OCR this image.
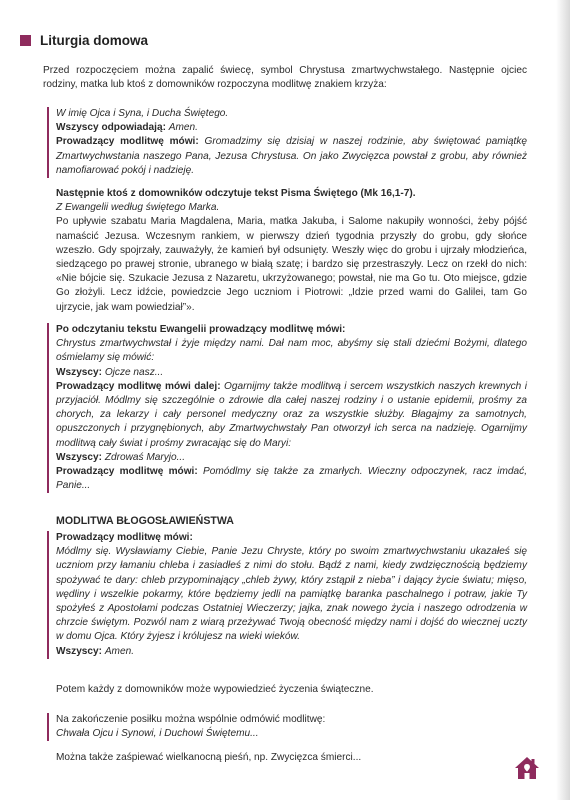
Liturgia domowa

Przed rozpoczęciem można zapalić świecę, symbol Chrystusa zmartwychwstałego. Następnie ojciec rodziny, matka lub ktoś z domowników rozpoczyna modlitwę znakiem krzyża:

W imię Ojca i Syna, i Ducha Świętego.

Wszyscy odpowiadają: Amen.

Prowadzący modlitwę mówi: Gromadzimy się dzisiaj w naszej rodzinie, aby świętować pamiątkę Zmartwychwstania naszego Pana, Jezusa Chrystusa. On jako Zwycięzca powstał z grobu, aby również namofiarować pokój i nadzieję.

Następnie ktoś z domowników odczytuje tekst Pisma Świętego (Mk 16,1-7).

Z Ewangelii według świętego Marka.

Po upływie szabatu Maria Magdalena, Maria, matka Jakuba, i Salome nakupiły wonności, żeby pójść namaścić Jezusa. Wczesnym rankiem, w pierwszy dzień tygodnia przyszły do grobu, gdy słońce wzeszło. Gdy spojrzały, zauważyły, że kamień był odsunięty. Weszły więc do grobu i ujrzały młodzieńca, siedzącego po prawej stronie, ubranego w białą szatę; i bardzo się przestraszyły. Lecz on rzekł do nich: «Nie bójcie się. Szukacie Jezusa z Nazaretu, ukrzyżowanego; powstał, nie ma Go tu. Oto miejsce, gdzie Go złożyli. Lecz idźcie, powiedzcie Jego uczniom i Piotrowi: „Idzie przed wami do Galilei, tam Go ujrzycie, jak wam powiedział”».

Po odczytaniu tekstu Ewangelii prowadzący modlitwę mówi:

Chrystus zmartwychwstał i żyje między nami. Dał nam moc, abyśmy się stali dziećmi Bożymi, dlatego ośmielamy się mówić:

Wszyscy: Ojcze nasz...

Prowadzący modlitwę mówi dalej: Ogarnijmy także modlitwą i sercem wszystkich naszych krewnych i przyjaciół. Módlmy się szczególnie o zdrowie dla całej naszej rodziny i o ustanie epidemii, prośmy za chorych, za lekarzy i cały personel medyczny oraz za wszystkie służby. Błagajmy za samotnych, opuszczonych i przygnębionych, aby Zmartwychwstały Pan otworzył ich serca na nadzieję. Ogarnijmy modlitwą cały świat i prośmy zwracając się do Maryi:

Wszyscy: Zdrowaś Maryjo...

Prowadzący modlitwę mówi: Pomódlmy się także za zmarłych. Wieczny odpoczynek, racz imdać, Panie...

MODLITWA BŁOGOSŁAWIEŃSTWA

Prowadzący modlitwę mówi:

Módlmy się. Wysławiamy Ciebie, Panie Jezu Chryste, który po swoim zmartwychwstaniu ukazałeś się uczniom przy łamaniu chleba i zasiadłeś z nimi do stołu. Bądź z nami, kiedy zwdzięcznością będziemy spożywać te dary: chleb przypominający „chleb żywy, który zstąpił z nieba” i dający życie światu; mięso, wędliny i wszelkie pokarmy, które będziemy jedli na pamiątkę baranka paschalnego i potraw, jakie Ty spożyłeś z Apostołami podczas Ostatniej Wieczerzy; jajka, znak nowego życia i naszego odrodzenia w chrzcie świętym. Pozwól nam z wiarą przeżywać Twoją obecność między nami i dojść do wiecznej uczty w domu Ojca. Który żyjesz i królujesz na wieki wieków.

Wszyscy: Amen.

Potem każdy z domowników może wypowiedzieć życzenia świąteczne.

Na zakończenie posiłku można wspólnie odmówić modlitwę:

Chwała Ojcu i Synowi, i Duchowi Świętemu...

Można także zaśpiewać wielkanocną pieśń, np. Zwycięzca śmierci...
